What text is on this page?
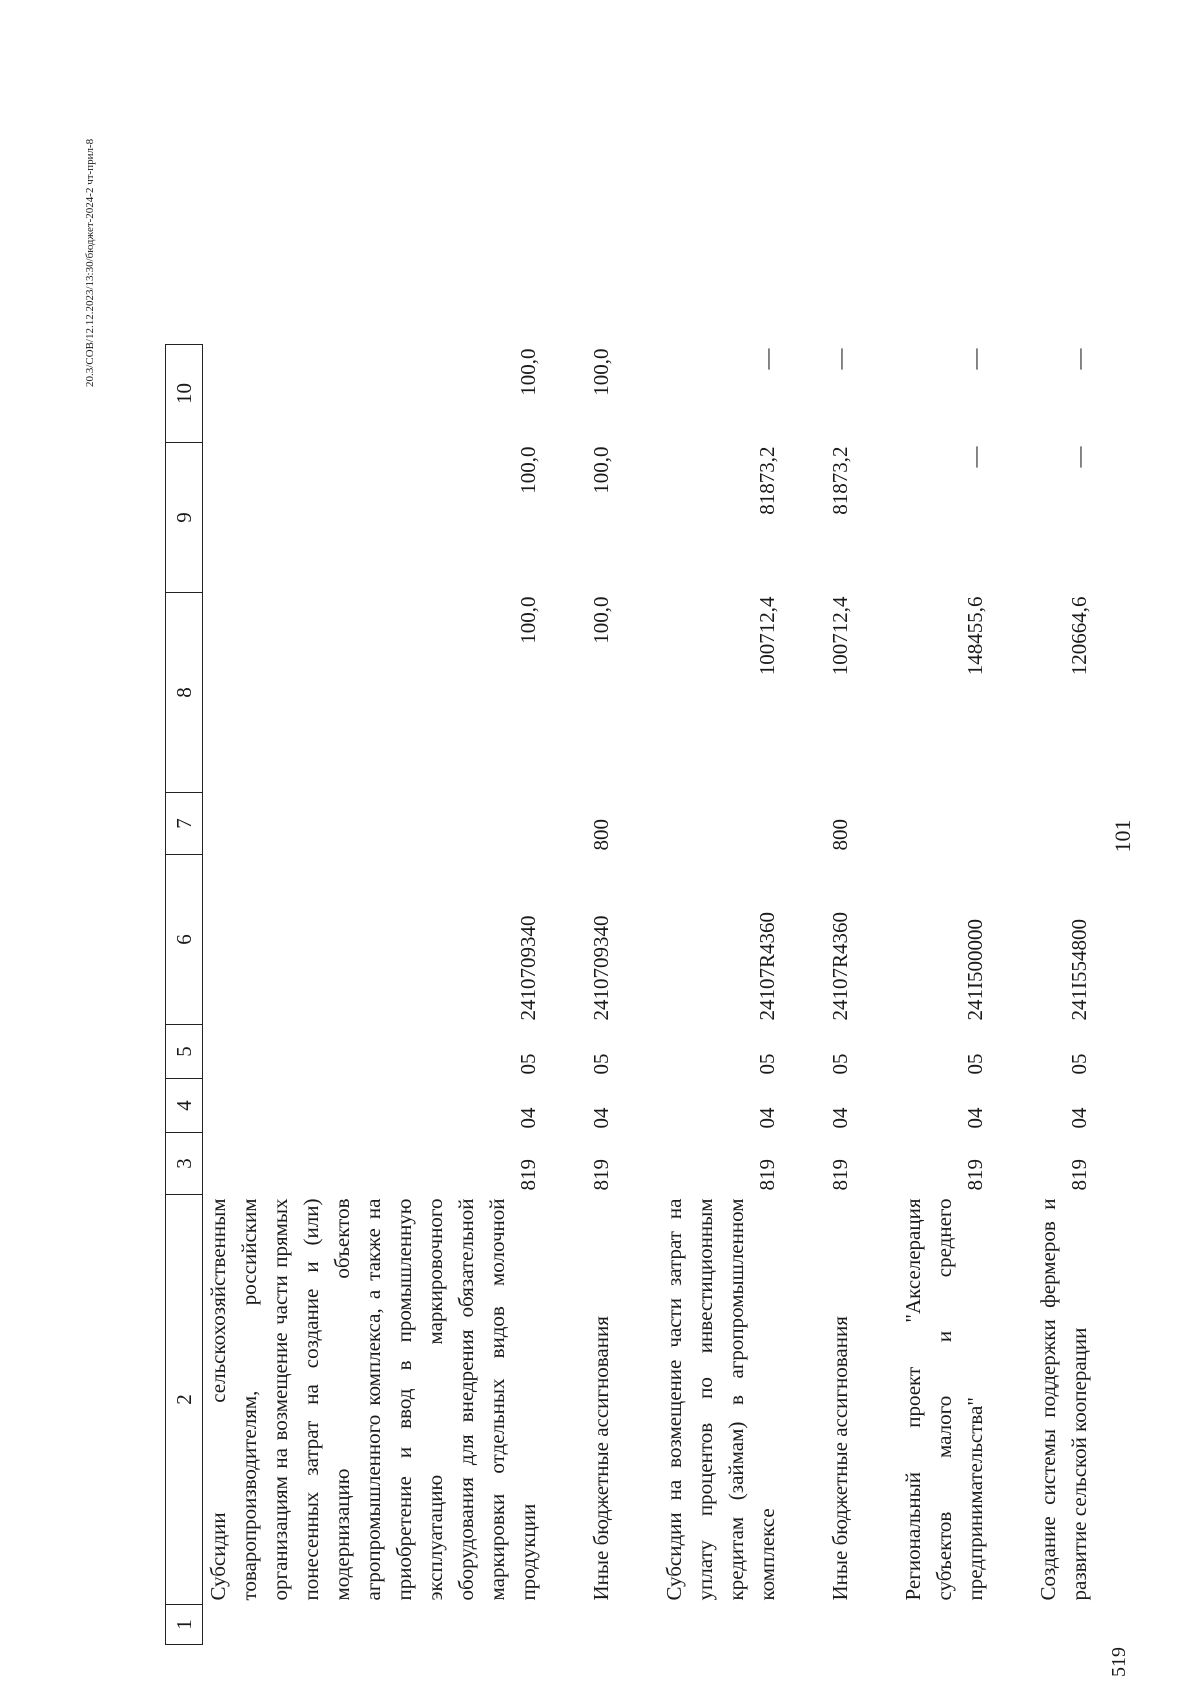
101
1	2	3	4	5	6	7	8	9	10
	Субсидии сельскохозяйственным товаропроизводителям, российским организациям на возмещение части прямых понесенных затрат на создание и (или) модернизацию объектов агропромышленного комплекса, а также на приобретение и ввод в промышленную эксплуатацию маркировочного оборудования для внедрения обязательной маркировки отдельных видов молочной продукции	819	04	05	2410709340		100,0	100,0	100,0

	Иные бюджетные ассигнования	819	04	05	2410709340	800	100,0	100,0	100,0

	Субсидии на возмещение части затрат на уплату процентов по инвестиционным кредитам (займам) в агропромышленном комплексе	819	04	05	24107R4360		100712,4	81873,2	—

	Иные бюджетные ассигнования	819	04	05	24107R4360	800	100712,4	81873,2	—

	Региональный проект "Акселерация субъектов малого и среднего предпринимательства"	819	04	05	241I500000		148455,6	—	—

	Создание системы поддержки фермеров и развитие сельской кооперации	819	04	05	241I554800		120664,6	—	—
20.3/СОВ/12.12.2023/13:30/бюджет-2024-2 чт-прил-8
519
